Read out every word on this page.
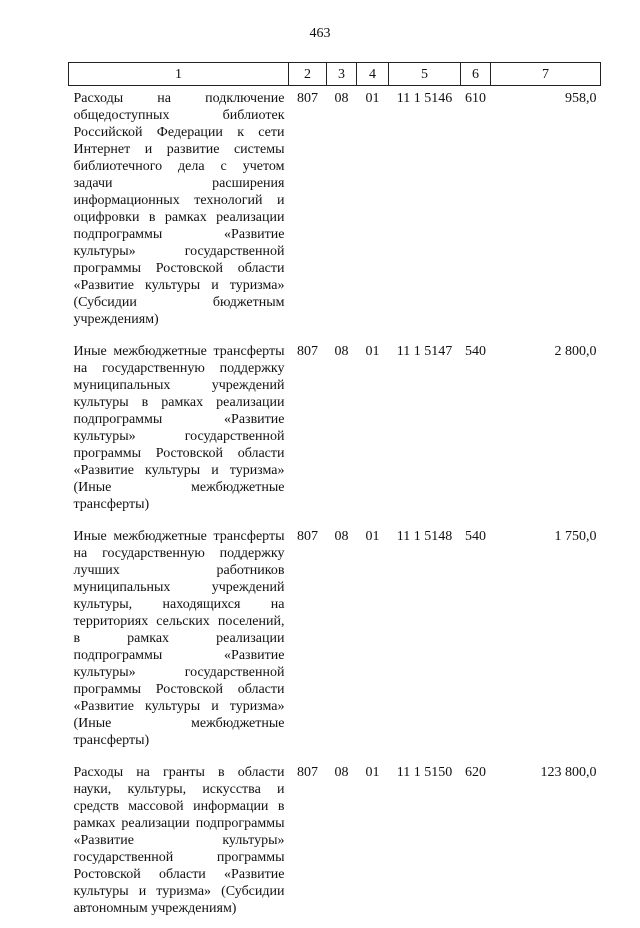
463
1	2	3	4	5	6	7
Расходы на подключение общедоступных библиотек Российской Федерации к сети Интернет и развитие системы библиотечного дела с учетом задачи расширения информационных технологий и оцифровки в рамках реализации подпрограммы «Развитие культуры» государственной программы Ростовской области «Развитие культуры и туризма» (Субсидии бюджетным учреждениям)	807	08	01	11 1 5146	610	958,0
Иные межбюджетные трансферты на государственную поддержку муниципальных учреждений культуры в рамках реализации подпрограммы «Развитие культуры» государственной программы Ростовской области «Развитие культуры и туризма» (Иные межбюджетные трансферты)	807	08	01	11 1 5147	540	2 800,0
Иные межбюджетные трансферты на государственную поддержку лучших работников муниципальных учреждений культуры, находящихся на территориях сельских поселений, в рамках реализации подпрограммы «Развитие культуры» государственной программы Ростовской области «Развитие культуры и туризма» (Иные межбюджетные трансферты)	807	08	01	11 1 5148	540	1 750,0
Расходы на гранты в области науки, культуры, искусства и средств массовой информации в рамках реализации подпрограммы «Развитие культуры» государственной программы Ростовской области «Развитие культуры и туризма» (Субсидии автономным учреждениям)	807	08	01	11 1 5150	620	123 800,0
